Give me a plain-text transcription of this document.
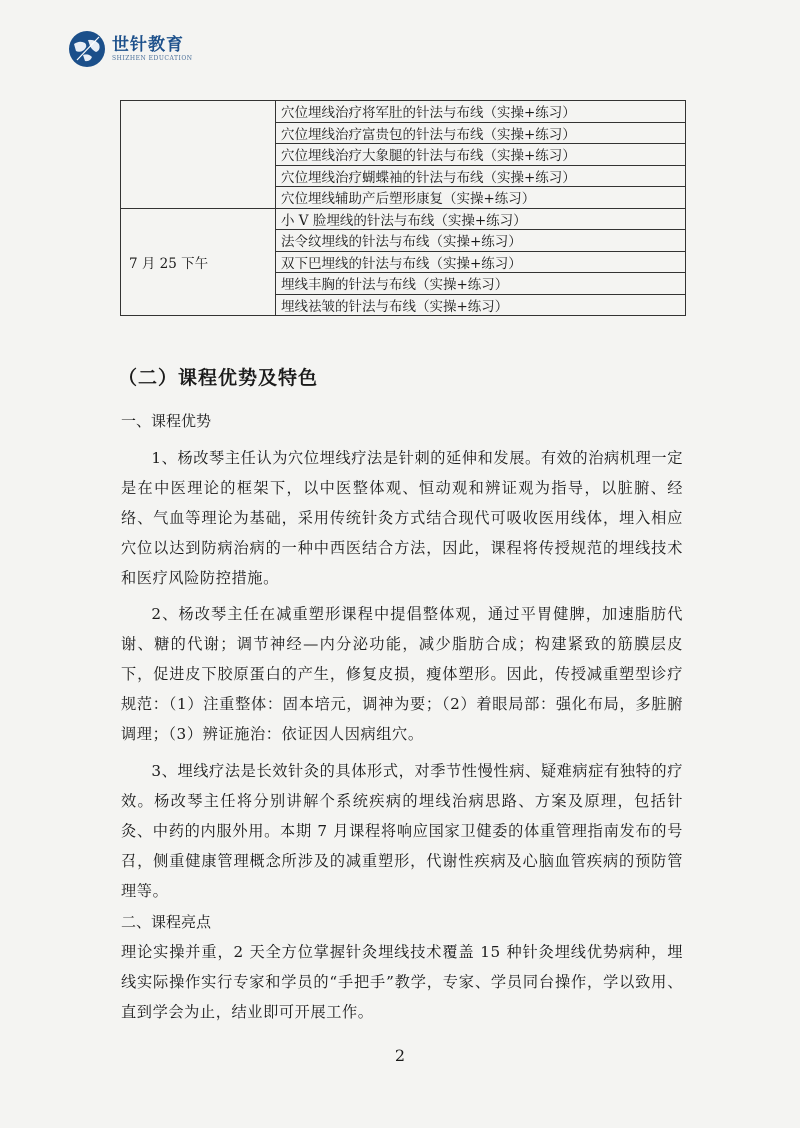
世针教育
SHIZHEN EDUCATION
	穴位埋线治疗将军肚的针法与布线（实操+练习）
	穴位埋线治疗富贵包的针法与布线（实操+练习）
	穴位埋线治疗大象腿的针法与布线（实操+练习）
	穴位埋线治疗蝴蝶袖的针法与布线（实操+练习）
	穴位埋线辅助产后塑形康复（实操+练习）
7 月 25 下午	小 V 脸埋线的针法与布线（实操+练习）
	法令纹埋线的针法与布线（实操+练习）
	双下巴埋线的针法与布线（实操+练习）
	埋线丰胸的针法与布线（实操+练习）
	埋线祛皱的针法与布线（实操+练习）
（二）课程优势及特色
一、课程优势

1、杨改琴主任认为穴位埋线疗法是针刺的延伸和发展。有效的治病机理一定是在中医理论的框架下，以中医整体观、恒动观和辨证观为指导，以脏腑、经络、气血等理论为基础，采用传统针灸方式结合现代可吸收医用线体，埋入相应穴位以达到防病治病的一种中西医结合方法，因此，课程将传授规范的埋线技术和医疗风险防控措施。

2、杨改琴主任在减重塑形课程中提倡整体观，通过平胃健脾，加速脂肪代谢、糖的代谢；调节神经—内分泌功能，减少脂肪合成；构建紧致的筋膜层皮下，促进皮下胶原蛋白的产生，修复皮损，瘦体塑形。因此，传授减重塑型诊疗规范：（1）注重整体：固本培元，调神为要；（2）着眼局部：强化布局，多脏腑调理；（3）辨证施治：依证因人因病组穴。

3、埋线疗法是长效针灸的具体形式，对季节性慢性病、疑难病症有独特的疗效。杨改琴主任将分别讲解个系统疾病的埋线治病思路、方案及原理，包括针灸、中药的内服外用。本期 7 月课程将响应国家卫健委的体重管理指南发布的号召，侧重健康管理概念所涉及的减重塑形，代谢性疾病及心脑血管疾病的预防管理等。

二、课程亮点

理论实操并重，2 天全方位掌握针灸埋线技术覆盖 15 种针灸埋线优势病种，埋线实际操作实行专家和学员的“手把手”教学，专家、学员同台操作，学以致用、直到学会为止，结业即可开展工作。

2
